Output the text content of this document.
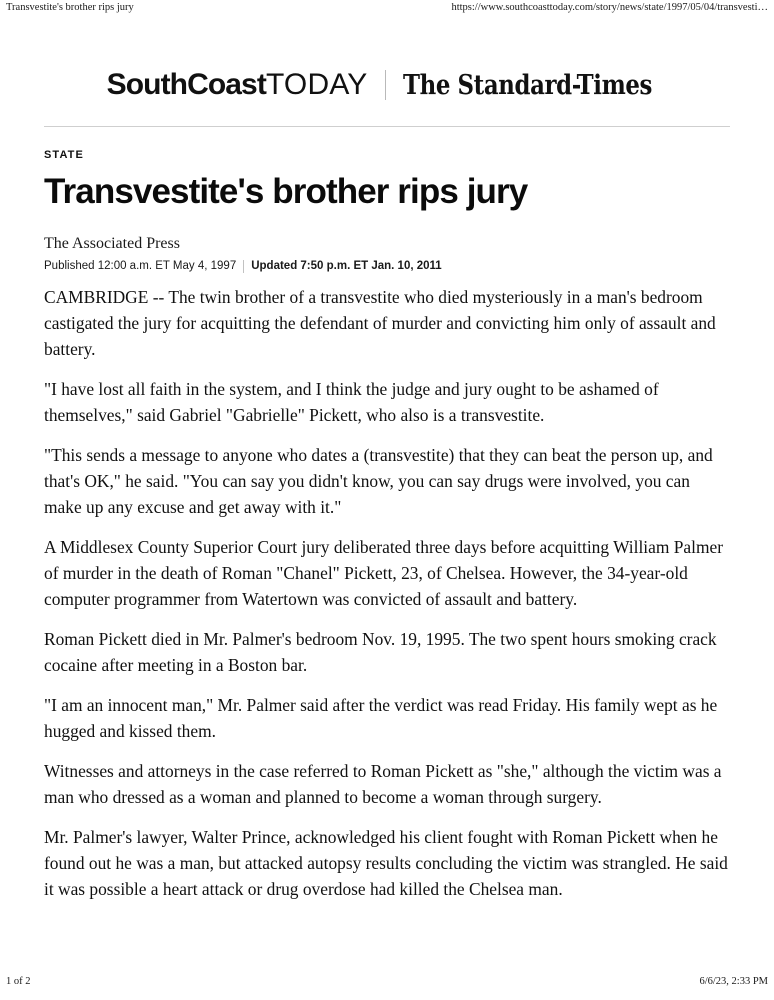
Transvestite's brother rips jury	https://www.southcoasttoday.com/story/news/state/1997/05/04/transvesti…
SouthCoastTODAY The Standard-Times
STATE
Transvestite's brother rips jury
The Associated Press
Published 12:00 a.m. ET May 4, 1997 Updated 7:50 p.m. ET Jan. 10, 2011

CAMBRIDGE -- The twin brother of a transvestite who died mysteriously in a man's bedroom castigated the jury for acquitting the defendant of murder and convicting him only of assault and battery.

"I have lost all faith in the system, and I think the judge and jury ought to be ashamed of themselves," said Gabriel "Gabrielle" Pickett, who also is a transvestite.

"This sends a message to anyone who dates a (transvestite) that they can beat the person up, and that's OK," he said. "You can say you didn't know, you can say drugs were involved, you can make up any excuse and get away with it."

A Middlesex County Superior Court jury deliberated three days before acquitting William Palmer of murder in the death of Roman "Chanel" Pickett, 23, of Chelsea. However, the 34-year-old computer programmer from Watertown was convicted of assault and battery.

Roman Pickett died in Mr. Palmer's bedroom Nov. 19, 1995. The two spent hours smoking crack cocaine after meeting in a Boston bar.

"I am an innocent man," Mr. Palmer said after the verdict was read Friday. His family wept as he hugged and kissed them.

Witnesses and attorneys in the case referred to Roman Pickett as "she," although the victim was a man who dressed as a woman and planned to become a woman through surgery.

Mr. Palmer's lawyer, Walter Prince, acknowledged his client fought with Roman Pickett when he found out he was a man, but attacked autopsy results concluding the victim was strangled. He said it was possible a heart attack or drug overdose had killed the Chelsea man.

1 of 2	6/6/23, 2:33 PM
